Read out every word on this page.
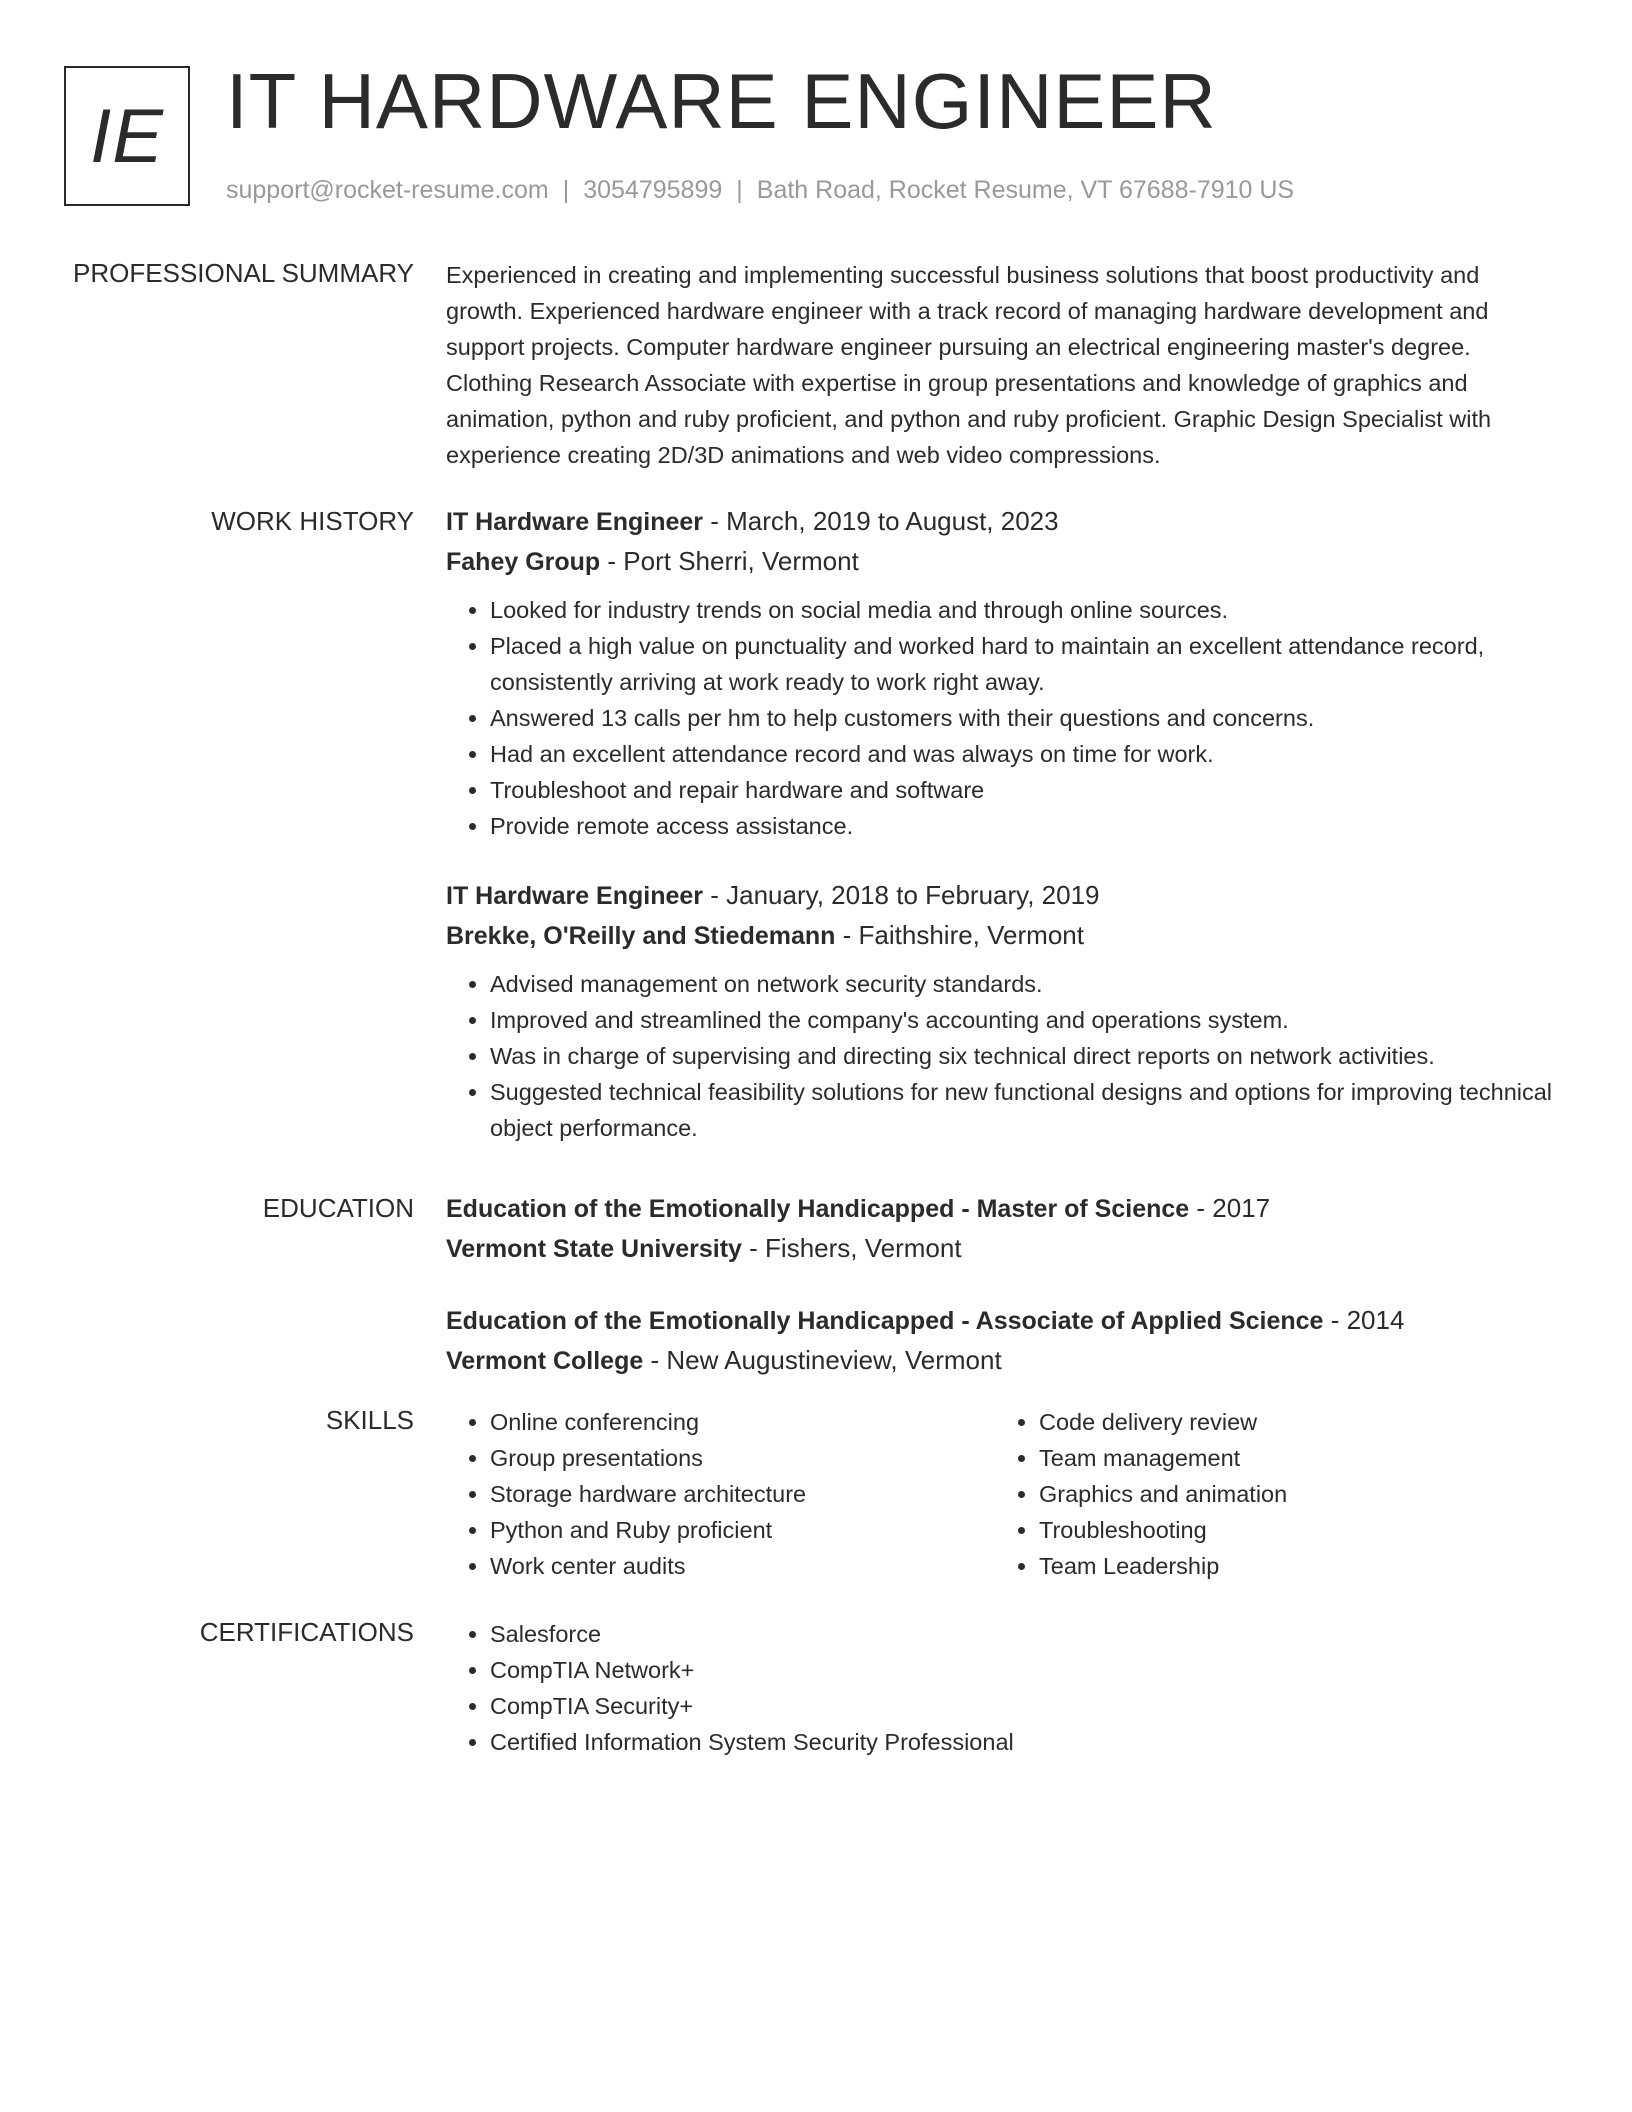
IE IT HARDWARE ENGINEER
support@rocket-resume.com | 3054795899 | Bath Road, Rocket Resume, VT 67688-7910 US
PROFESSIONAL SUMMARY Experienced in creating and implementing successful business solutions that boost productivity and growth. Experienced hardware engineer with a track record of managing hardware development and support projects. Computer hardware engineer pursuing an electrical engineering master's degree. Clothing Research Associate with expertise in group presentations and knowledge of graphics and animation, python and ruby proficient, and python and ruby proficient. Graphic Design Specialist with experience creating 2D/3D animations and web video compressions.

WORK HISTORY IT Hardware Engineer - March, 2019 to August, 2023
Fahey Group - Port Sherri, Vermont
• Looked for industry trends on social media and through online sources.
• Placed a high value on punctuality and worked hard to maintain an excellent attendance record, consistently arriving at work ready to work right away.
• Answered 13 calls per hm to help customers with their questions and concerns.
• Had an excellent attendance record and was always on time for work.
• Troubleshoot and repair hardware and software
• Provide remote access assistance.
IT Hardware Engineer - January, 2018 to February, 2019
Brekke, O'Reilly and Stiedemann - Faithshire, Vermont
• Advised management on network security standards.
• Improved and streamlined the company's accounting and operations system.
• Was in charge of supervising and directing six technical direct reports on network activities.
• Suggested technical feasibility solutions for new functional designs and options for improving technical object performance.
EDUCATION Education of the Emotionally Handicapped - Master of Science - 2017
Vermont State University - Fishers, Vermont
Education of the Emotionally Handicapped - Associate of Applied Science - 2014
Vermont College - New Augustineview, Vermont
SKILLS	• Online conferencing
• Group presentations
• Storage hardware architecture
• Python and Ruby proficient
• Work center audits
• Code delivery review
• Team management
• Graphics and animation
• Troubleshooting
• Team Leadership
CERTIFICATIONS	• Salesforce
• CompTIA Network+
• CompTIA Security+
• Certified Information System Security Professional
